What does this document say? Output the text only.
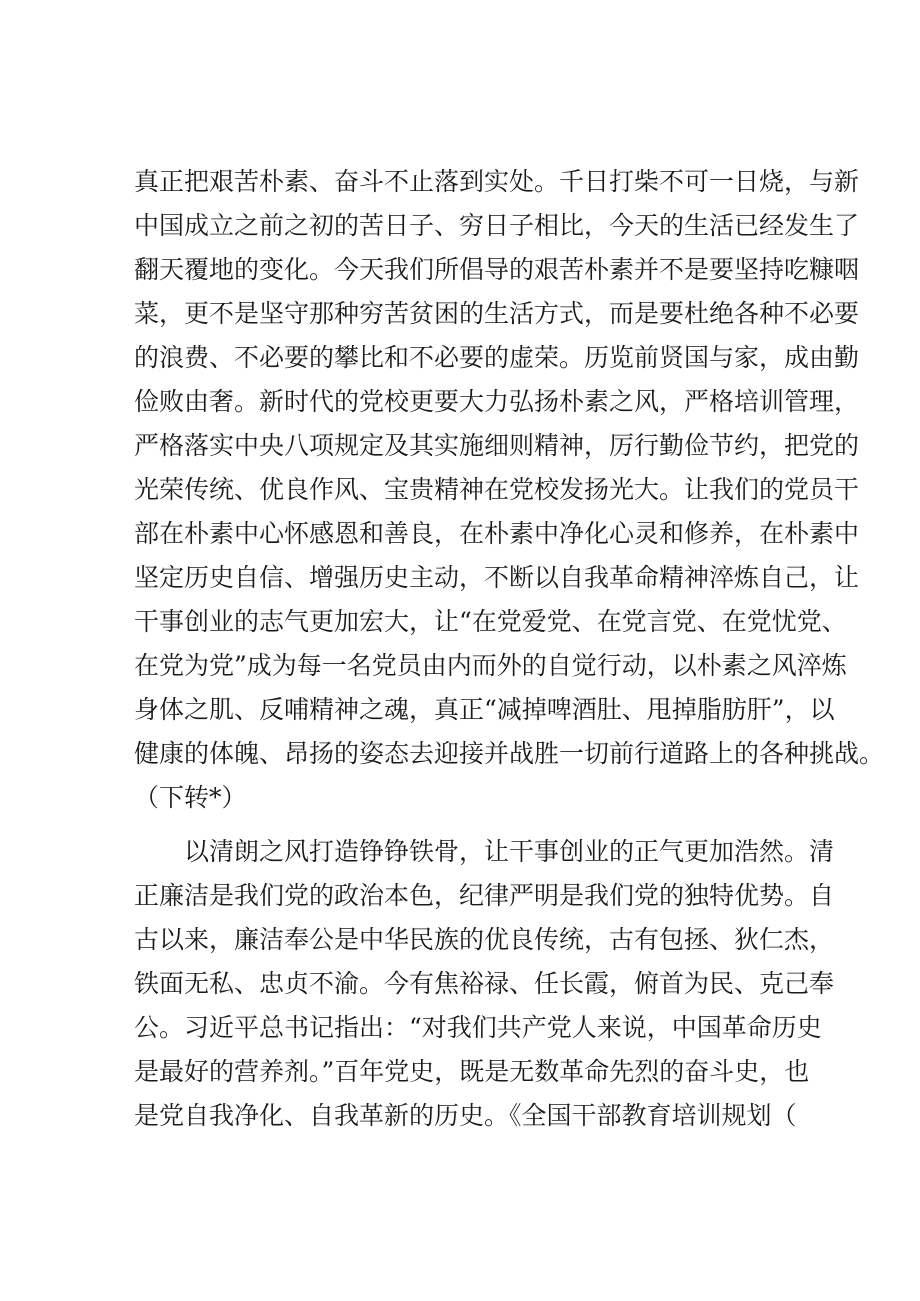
真正把艰苦朴素、奋斗不止落到实处。千日打柴不可一日烧，与新
中国成立之前之初的苦日子、穷日子相比，今天的生活已经发生了
翻天覆地的变化。今天我们所倡导的艰苦朴素并不是要坚持吃糠咽
菜，更不是坚守那种穷苦贫困的生活方式，而是要杜绝各种不必要
的浪费、不必要的攀比和不必要的虚荣。历览前贤国与家，成由勤
俭败由奢。新时代的党校更要大力弘扬朴素之风，严格培训管理，
严格落实中央八项规定及其实施细则精神，厉行勤俭节约，把党的
光荣传统、优良作风、宝贵精神在党校发扬光大。让我们的党员干
部在朴素中心怀感恩和善良，在朴素中净化心灵和修养，在朴素中
坚定历史自信、增强历史主动，不断以自我革命精神淬炼自己，让
干事创业的志气更加宏大，让“在党爱党、在党言党、在党忧党、
在党为党”成为每一名党员由内而外的自觉行动，以朴素之风淬炼
身体之肌、反哺精神之魂，真正“减掉啤酒肚、甩掉脂肪肝”，以
健康的体魄、昂扬的姿态去迎接并战胜一切前行道路上的各种挑战。
（下转*）
以清朗之风打造铮铮铁骨，让干事创业的正气更加浩然。清
正廉洁是我们党的政治本色，纪律严明是我们党的独特优势。自
古以来，廉洁奉公是中华民族的优良传统，古有包拯、狄仁杰，
铁面无私、忠贞不渝。今有焦裕禄、任长霞，俯首为民、克己奉
公。习近平总书记指出：“对我们共产党人来说，中国革命历史
是最好的营养剂。”百年党史，既是无数革命先烈的奋斗史，也
是党自我净化、自我革新的历史。《全国干部教育培训规划（
